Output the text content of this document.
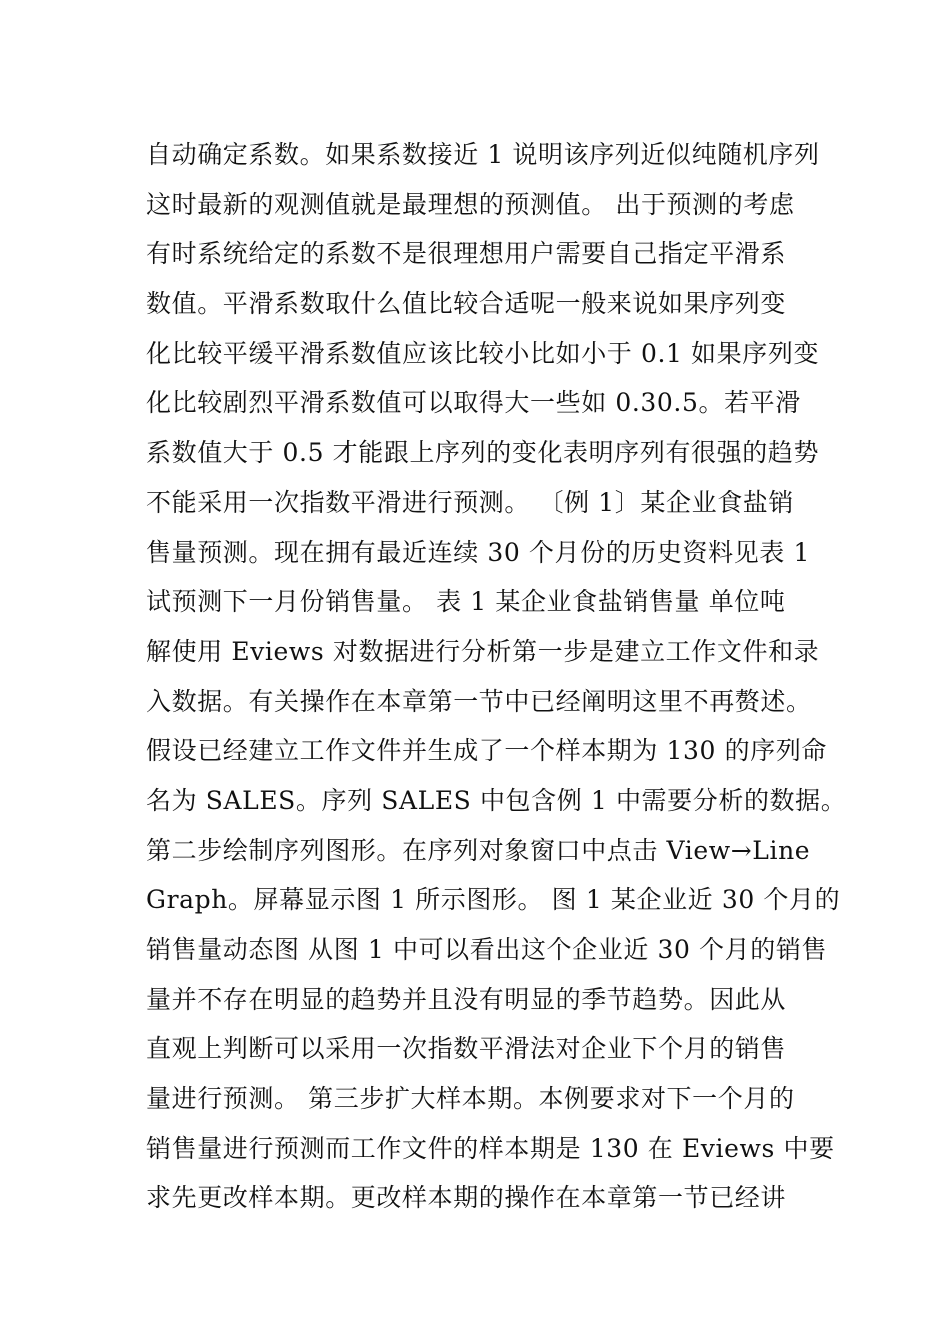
自动确定系数。如果系数接近 1 说明该序列近似纯随机序列
这时最新的观测值就是最理想的预测值。 出于预测的考虑
有时系统给定的系数不是很理想用户需要自己指定平滑系
数值。平滑系数取什么值比较合适呢一般来说如果序列变
化比较平缓平滑系数值应该比较小比如小于 0.1 如果序列变
化比较剧烈平滑系数值可以取得大一些如 0.30.5。若平滑
系数值大于 0.5 才能跟上序列的变化表明序列有很强的趋势
不能采用一次指数平滑进行预测。 〔例 1〕某企业食盐销
售量预测。现在拥有最近连续 30 个月份的历史资料见表 1
试预测下一月份销售量。 表 1 某企业食盐销售量 单位吨
解使用 Eviews 对数据进行分析第一步是建立工作文件和录
入数据。有关操作在本章第一节中已经阐明这里不再赘述。
假设已经建立工作文件并生成了一个样本期为 130 的序列命
名为 SALES。序列 SALES 中包含例 1 中需要分析的数据。
第二步绘制序列图形。在序列对象窗口中点击 View→Line
Graph。屏幕显示图 1 所示图形。 图 1 某企业近 30 个月的
销售量动态图 从图 1 中可以看出这个企业近 30 个月的销售
量并不存在明显的趋势并且没有明显的季节趋势。因此从
直观上判断可以采用一次指数平滑法对企业下个月的销售
量进行预测。 第三步扩大样本期。本例要求对下一个月的
销售量进行预测而工作文件的样本期是 130 在 Eviews 中要
求先更改样本期。更改样本期的操作在本章第一节已经讲
